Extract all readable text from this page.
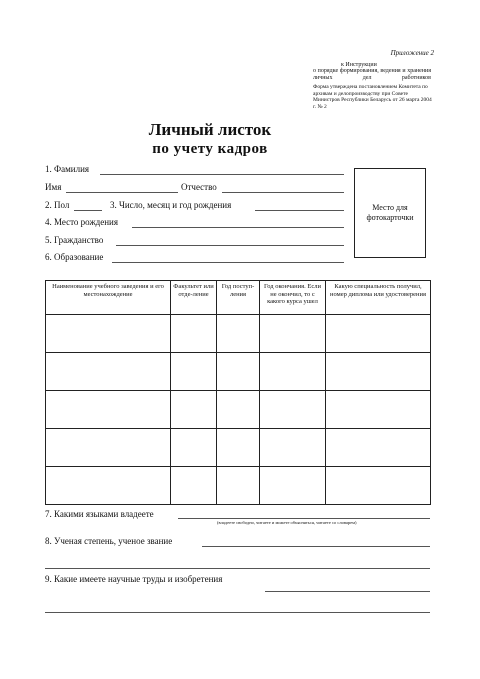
Приложение 2
к Инструкции
о порядке формирования, ведения и хранения личных дел работников
Форма утверждена постановлением Комитета по архивам и делопроизводству при Совете Министров Республики Беларусь от 26 марта 2004 г. № 2
Личный листок
по учету кадров
1. Фамилия
Имя	Отчество
2. Пол	3. Число, месяц и год рождения
4. Место рождения
5. Гражданство
6. Образование
Место для фотокарточки
Наименование учебного заведения и его местонахождение	Факультет или отде-ление	Год поступ-ления	Год окончания. Если не окончил, то с какого курса ушел	Какую специальность получил, номер диплома или удостоверения

7. Какими языками владеете
(владеете свободно, читаете и можете объясняться, читаете со словарем)
8. Ученая степень, ученое звание
9. Какие имеете научные труды и изобретения
